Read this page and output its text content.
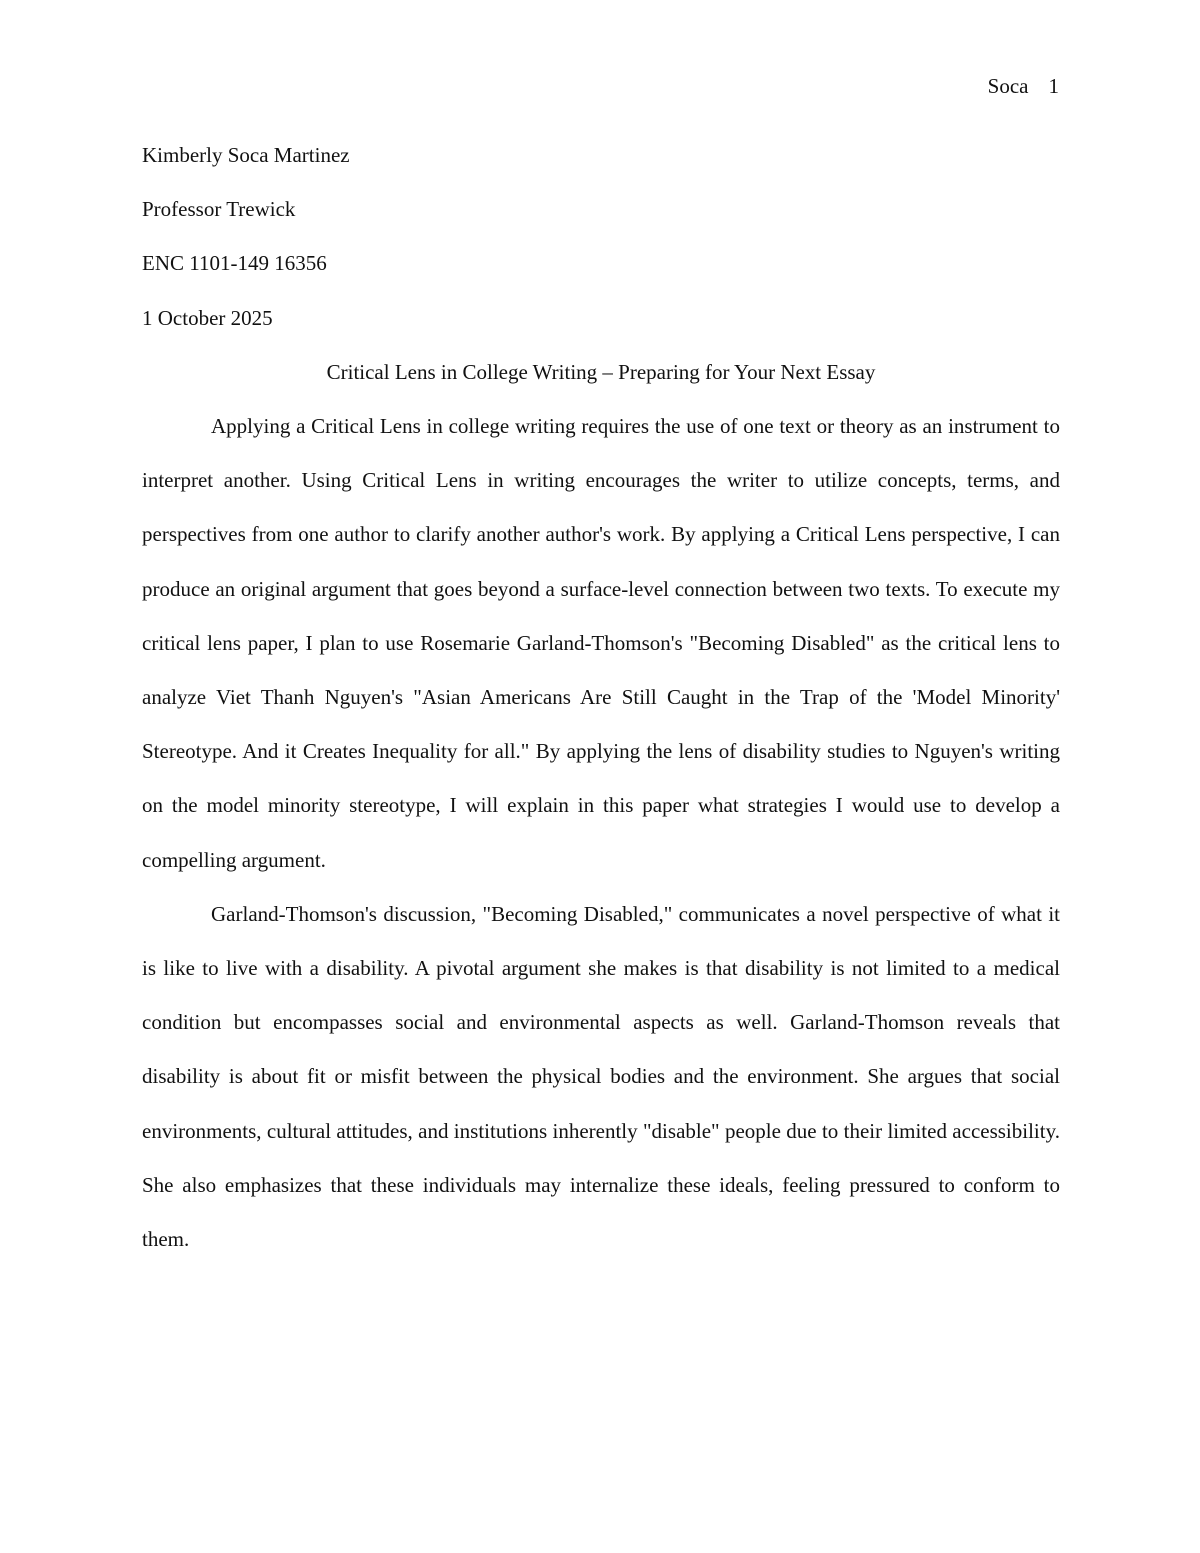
Soca 1

Kimberly Soca Martinez

Professor Trewick

ENC 1101-149 16356

1 October 2025

Critical Lens in College Writing – Preparing for Your Next Essay

Applying a Critical Lens in college writing requires the use of one text or theory as an instrument to interpret another. Using Critical Lens in writing encourages the writer to utilize concepts, terms, and perspectives from one author to clarify another author's work. By applying a Critical Lens perspective, I can produce an original argument that goes beyond a surface-level connection between two texts. To execute my critical lens paper, I plan to use Rosemarie Garland-Thomson's "Becoming Disabled" as the critical lens to analyze Viet Thanh Nguyen's "Asian Americans Are Still Caught in the Trap of the 'Model Minority' Stereotype. And it Creates Inequality for all." By applying the lens of disability studies to Nguyen's writing on the model minority stereotype, I will explain in this paper what strategies I would use to develop a compelling argument.

Garland-Thomson's discussion, "Becoming Disabled," communicates a novel perspective of what it is like to live with a disability. A pivotal argument she makes is that disability is not limited to a medical condition but encompasses social and environmental aspects as well. Garland-Thomson reveals that disability is about fit or misfit between the physical bodies and the environment. She argues that social environments, cultural attitudes, and institutions inherently "disable" people due to their limited accessibility. She also emphasizes that these individuals may internalize these ideals, feeling pressured to conform to them.
